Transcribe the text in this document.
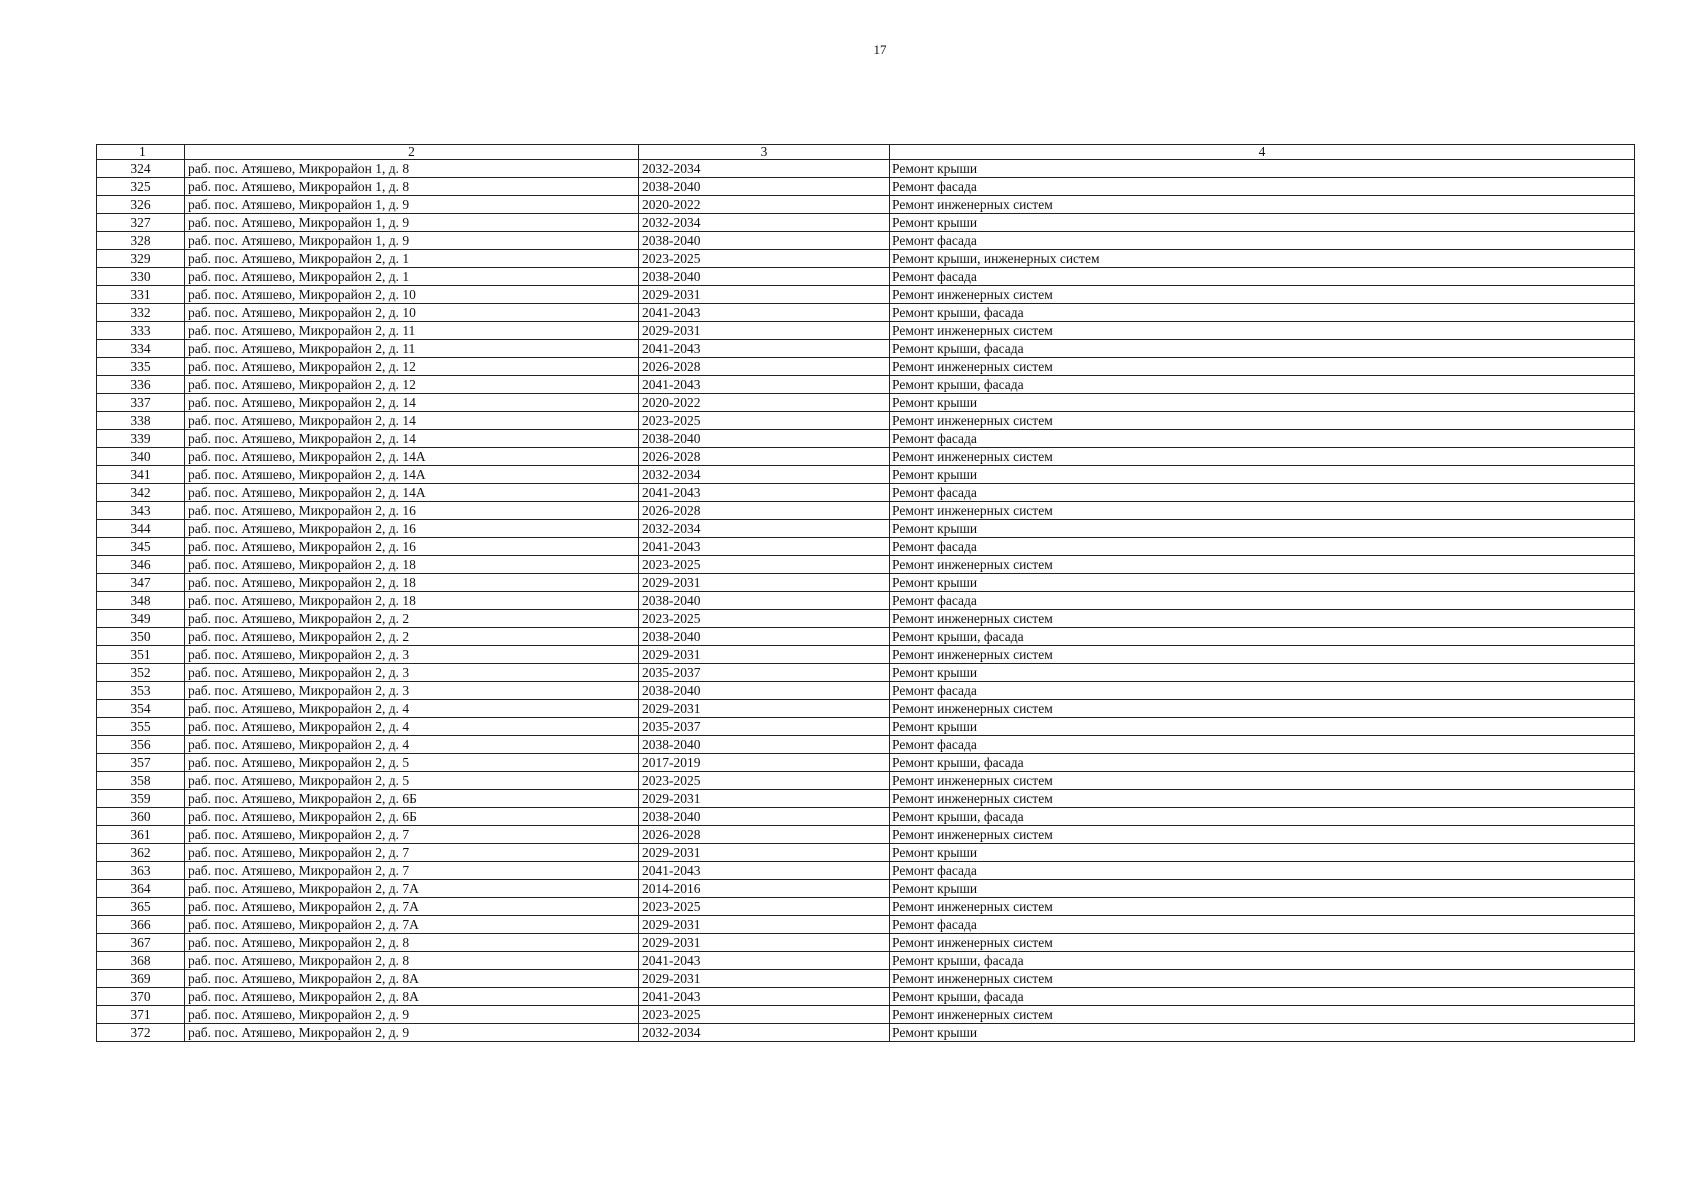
17
1	2	3	4
324	раб. пос. Атяшево, Микрорайон 1, д. 8	2032-2034	Ремонт крыши
325	раб. пос. Атяшево, Микрорайон 1, д. 8	2038-2040	Ремонт фасада
326	раб. пос. Атяшево, Микрорайон 1, д. 9	2020-2022	Ремонт инженерных систем
327	раб. пос. Атяшево, Микрорайон 1, д. 9	2032-2034	Ремонт крыши
328	раб. пос. Атяшево, Микрорайон 1, д. 9	2038-2040	Ремонт фасада
329	раб. пос. Атяшево, Микрорайон 2, д. 1	2023-2025	Ремонт крыши, инженерных систем
330	раб. пос. Атяшево, Микрорайон 2, д. 1	2038-2040	Ремонт фасада
331	раб. пос. Атяшево, Микрорайон 2, д. 10	2029-2031	Ремонт инженерных систем
332	раб. пос. Атяшево, Микрорайон 2, д. 10	2041-2043	Ремонт крыши, фасада
333	раб. пос. Атяшево, Микрорайон 2, д. 11	2029-2031	Ремонт инженерных систем
334	раб. пос. Атяшево, Микрорайон 2, д. 11	2041-2043	Ремонт крыши, фасада
335	раб. пос. Атяшево, Микрорайон 2, д. 12	2026-2028	Ремонт инженерных систем
336	раб. пос. Атяшево, Микрорайон 2, д. 12	2041-2043	Ремонт крыши, фасада
337	раб. пос. Атяшево, Микрорайон 2, д. 14	2020-2022	Ремонт крыши
338	раб. пос. Атяшево, Микрорайон 2, д. 14	2023-2025	Ремонт инженерных систем
339	раб. пос. Атяшево, Микрорайон 2, д. 14	2038-2040	Ремонт фасада
340	раб. пос. Атяшево, Микрорайон 2, д. 14А	2026-2028	Ремонт инженерных систем
341	раб. пос. Атяшево, Микрорайон 2, д. 14А	2032-2034	Ремонт крыши
342	раб. пос. Атяшево, Микрорайон 2, д. 14А	2041-2043	Ремонт фасада
343	раб. пос. Атяшево, Микрорайон 2, д. 16	2026-2028	Ремонт инженерных систем
344	раб. пос. Атяшево, Микрорайон 2, д. 16	2032-2034	Ремонт крыши
345	раб. пос. Атяшево, Микрорайон 2, д. 16	2041-2043	Ремонт фасада
346	раб. пос. Атяшево, Микрорайон 2, д. 18	2023-2025	Ремонт инженерных систем
347	раб. пос. Атяшево, Микрорайон 2, д. 18	2029-2031	Ремонт крыши
348	раб. пос. Атяшево, Микрорайон 2, д. 18	2038-2040	Ремонт фасада
349	раб. пос. Атяшево, Микрорайон 2, д. 2	2023-2025	Ремонт инженерных систем
350	раб. пос. Атяшево, Микрорайон 2, д. 2	2038-2040	Ремонт крыши, фасада
351	раб. пос. Атяшево, Микрорайон 2, д. 3	2029-2031	Ремонт инженерных систем
352	раб. пос. Атяшево, Микрорайон 2, д. 3	2035-2037	Ремонт крыши
353	раб. пос. Атяшево, Микрорайон 2, д. 3	2038-2040	Ремонт фасада
354	раб. пос. Атяшево, Микрорайон 2, д. 4	2029-2031	Ремонт инженерных систем
355	раб. пос. Атяшево, Микрорайон 2, д. 4	2035-2037	Ремонт крыши
356	раб. пос. Атяшево, Микрорайон 2, д. 4	2038-2040	Ремонт фасада
357	раб. пос. Атяшево, Микрорайон 2, д. 5	2017-2019	Ремонт крыши, фасада
358	раб. пос. Атяшево, Микрорайон 2, д. 5	2023-2025	Ремонт инженерных систем
359	раб. пос. Атяшево, Микрорайон 2, д. 6Б	2029-2031	Ремонт инженерных систем
360	раб. пос. Атяшево, Микрорайон 2, д. 6Б	2038-2040	Ремонт крыши, фасада
361	раб. пос. Атяшево, Микрорайон 2, д. 7	2026-2028	Ремонт инженерных систем
362	раб. пос. Атяшево, Микрорайон 2, д. 7	2029-2031	Ремонт крыши
363	раб. пос. Атяшево, Микрорайон 2, д. 7	2041-2043	Ремонт фасада
364	раб. пос. Атяшево, Микрорайон 2, д. 7А	2014-2016	Ремонт крыши
365	раб. пос. Атяшево, Микрорайон 2, д. 7А	2023-2025	Ремонт инженерных систем
366	раб. пос. Атяшево, Микрорайон 2, д. 7А	2029-2031	Ремонт фасада
367	раб. пос. Атяшево, Микрорайон 2, д. 8	2029-2031	Ремонт инженерных систем
368	раб. пос. Атяшево, Микрорайон 2, д. 8	2041-2043	Ремонт крыши, фасада
369	раб. пос. Атяшево, Микрорайон 2, д. 8А	2029-2031	Ремонт инженерных систем
370	раб. пос. Атяшево, Микрорайон 2, д. 8А	2041-2043	Ремонт крыши, фасада
371	раб. пос. Атяшево, Микрорайон 2, д. 9	2023-2025	Ремонт инженерных систем
372	раб. пос. Атяшево, Микрорайон 2, д. 9	2032-2034	Ремонт крыши
